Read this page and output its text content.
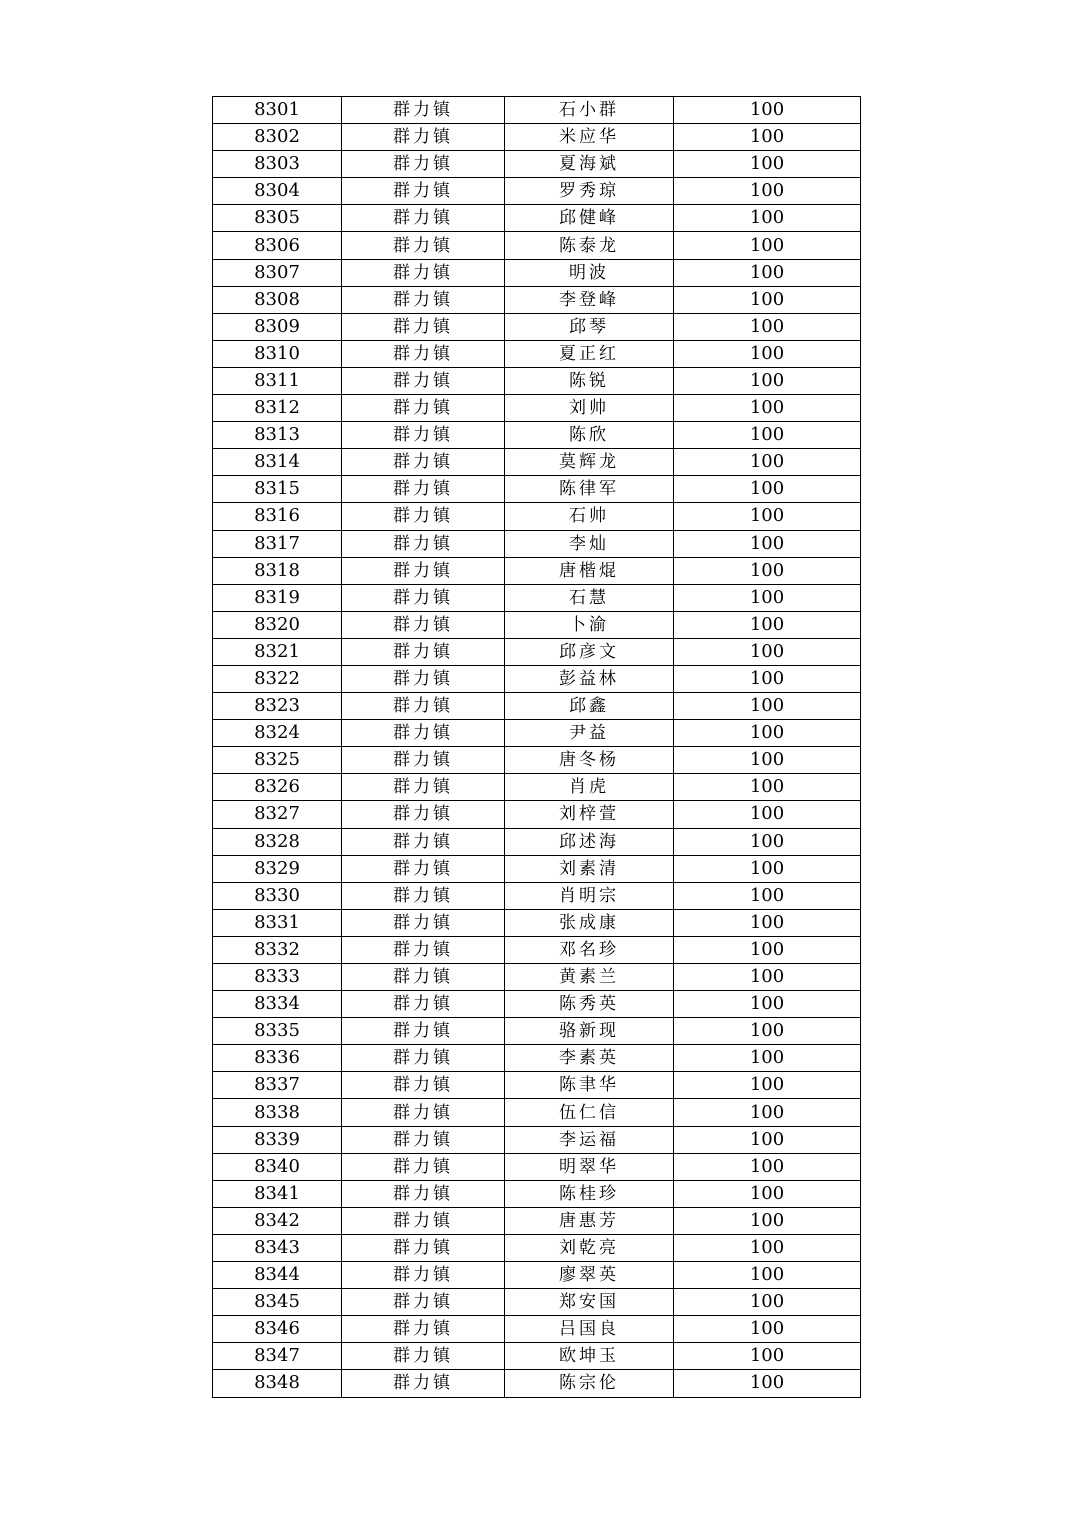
8301	群力镇	石小群	100
8302	群力镇	米应华	100
8303	群力镇	夏海斌	100
8304	群力镇	罗秀琼	100
8305	群力镇	邱健峰	100
8306	群力镇	陈泰龙	100
8307	群力镇	明波	100
8308	群力镇	李登峰	100
8309	群力镇	邱琴	100
8310	群力镇	夏正红	100
8311	群力镇	陈锐	100
8312	群力镇	刘帅	100
8313	群力镇	陈欣	100
8314	群力镇	莫辉龙	100
8315	群力镇	陈律军	100
8316	群力镇	石帅	100
8317	群力镇	李灿	100
8318	群力镇	唐楷焜	100
8319	群力镇	石慧	100
8320	群力镇	卜渝	100
8321	群力镇	邱彦文	100
8322	群力镇	彭益林	100
8323	群力镇	邱鑫	100
8324	群力镇	尹益	100
8325	群力镇	唐冬杨	100
8326	群力镇	肖虎	100
8327	群力镇	刘梓萱	100
8328	群力镇	邱述海	100
8329	群力镇	刘素清	100
8330	群力镇	肖明宗	100
8331	群力镇	张成康	100
8332	群力镇	邓名珍	100
8333	群力镇	黄素兰	100
8334	群力镇	陈秀英	100
8335	群力镇	骆新现	100
8336	群力镇	李素英	100
8337	群力镇	陈聿华	100
8338	群力镇	伍仁信	100
8339	群力镇	李运福	100
8340	群力镇	明翠华	100
8341	群力镇	陈桂珍	100
8342	群力镇	唐惠芳	100
8343	群力镇	刘乾亮	100
8344	群力镇	廖翠英	100
8345	群力镇	郑安国	100
8346	群力镇	吕国良	100
8347	群力镇	欧坤玉	100
8348	群力镇	陈宗伦	100
